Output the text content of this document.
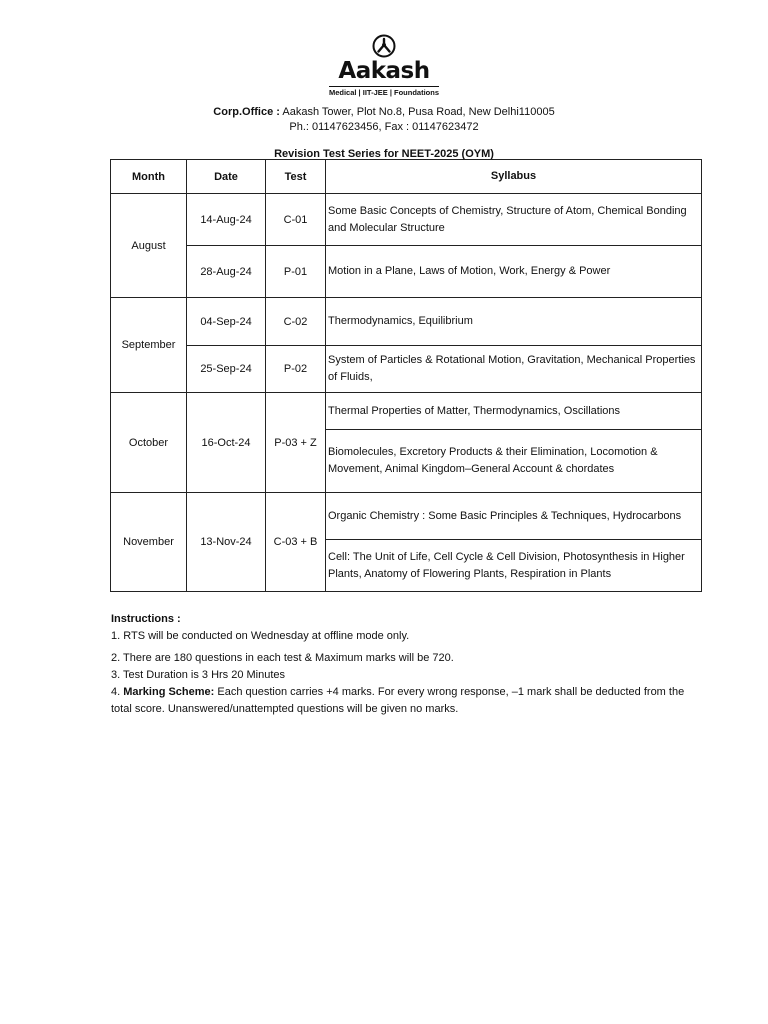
Aakash
Medical | IIT-JEE | Foundations
Corp.Office : Aakash Tower, Plot No.8, Pusa Road, New Delhi110005
Ph.: 01147623456, Fax : 01147623472
Revision Test Series for NEET-2025 (OYM)
Month	Date	Test	Syllabus
August	14-Aug-24	C-01	Some Basic Concepts of Chemistry, Structure of Atom, Chemical Bonding and Molecular Structure
	28-Aug-24	P-01	Motion in a Plane, Laws of Motion, Work, Energy & Power
September	04-Sep-24	C-02	Thermodynamics, Equilibrium
	25-Sep-24	P-02	System of Particles & Rotational Motion, Gravitation, Mechanical Properties of Fluids,
October	16-Oct-24	P-03 + Z	Thermal Properties of Matter, Thermodynamics, Oscillations
			Biomolecules, Excretory Products & their Elimination, Locomotion & Movement, Animal Kingdom–General Account & chordates
November	13-Nov-24	C-03 + B	Organic Chemistry : Some Basic Principles & Techniques, Hydrocarbons
			Cell: The Unit of Life, Cell Cycle & Cell Division, Photosynthesis in Higher Plants, Anatomy of Flowering Plants, Respiration in Plants
Instructions :

1. RTS will be conducted on Wednesday at offline mode only.

2. There are 180 questions in each test & Maximum marks will be 720.

3. Test Duration is 3 Hrs 20 Minutes

4. Marking Scheme: Each question carries +4 marks. For every wrong response, –1 mark shall be deducted from the total score. Unanswered/unattempted questions will be given no marks.
